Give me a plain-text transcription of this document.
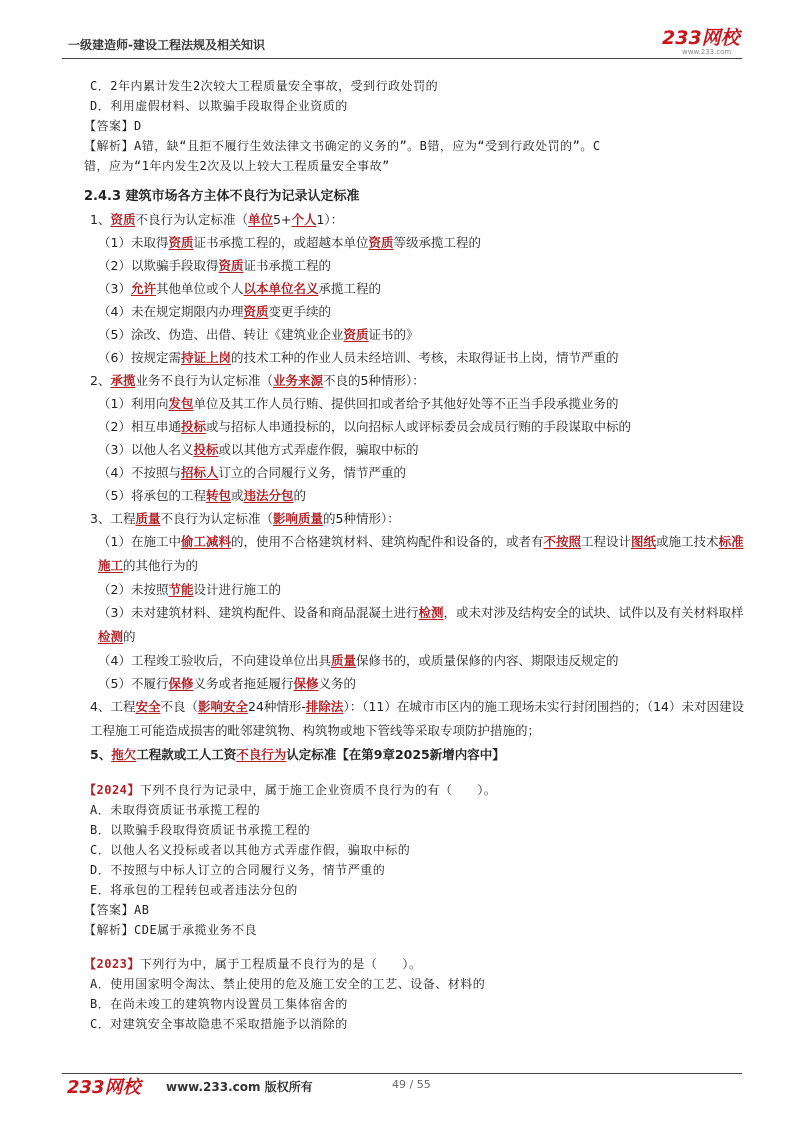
一级建造师-建设工程法规及相关知识	233网校
www.233.com
C．2年内累计发生2次较大工程质量安全事故，受到行政处罚的
D．利用虚假材料、以欺骗手段取得企业资质的
【答案】D
【解析】A错，缺“且拒不履行生效法律文书确定的义务的”。B错，应为“受到行政处罚的”。C
错，应为“1年内发生2次及以上较大工程质量安全事故”
2.4.3 建筑市场各方主体不良行为记录认定标准
1、资质不良行为认定标准（单位5+个人1）：
（1）未取得资质证书承揽工程的，或超越本单位资质等级承揽工程的
（2）以欺骗手段取得资质证书承揽工程的
（3）允许其他单位或个人以本单位名义承揽工程的
（4）未在规定期限内办理资质变更手续的
（5）涂改、伪造、出借、转让《建筑业企业资质证书的》
（6）按规定需持证上岗的技术工种的作业人员未经培训、考核，未取得证书上岗，情节严重的
2、承揽业务不良行为认定标准（业务来源不良的5种情形）：
（1）利用向发包单位及其工作人员行贿、提供回扣或者给予其他好处等不正当手段承揽业务的
（2）相互串通投标或与招标人串通投标的，以向招标人或评标委员会成员行贿的手段谋取中标的
（3）以他人名义投标或以其他方式弄虚作假，骗取中标的
（4）不按照与招标人订立的合同履行义务，情节严重的
（5）将承包的工程转包或违法分包的
3、工程质量不良行为认定标准（影响质量的5种情形）：
（1）在施工中偷工减料的，使用不合格建筑材料、建筑构配件和设备的，或者有不按照工程设计图纸或施工技术标准施工的其他行为的
（2）未按照节能设计进行施工的
（3）未对建筑材料、建筑构配件、设备和商品混凝土进行检测，或未对涉及结构安全的试块、试件以及有关材料取样检测的
（4）工程竣工验收后，不向建设单位出具质量保修书的，或质量保修的内容、期限违反规定的
（5）不履行保修义务或者拖延履行保修义务的
4、工程安全不良（影响安全24种情形-排除法）：（11）在城市市区内的施工现场未实行封闭围挡的；（14）未对因建设工程施工可能造成损害的毗邻建筑物、构筑物或地下管线等采取专项防护措施的；
5、拖欠工程款或工人工资不良行为认定标准【在第9章2025新增内容中】
【2024】下列不良行为记录中，属于施工企业资质不良行为的有（　　）。
A．未取得资质证书承揽工程的
B．以欺骗手段取得资质证书承揽工程的
C．以他人名义投标或者以其他方式弄虚作假，骗取中标的
D．不按照与中标人订立的合同履行义务，情节严重的
E．将承包的工程转包或者违法分包的
【答案】AB
【解析】CDE属于承揽业务不良
【2023】下列行为中，属于工程质量不良行为的是（　　）。
A．使用国家明令淘汰、禁止使用的危及施工安全的工艺、设备、材料的
B．在尚未竣工的建筑物内设置员工集体宿舍的
C．对建筑安全事故隐患不采取措施予以消除的
233网校 www.233.com 版权所有	49 / 55
